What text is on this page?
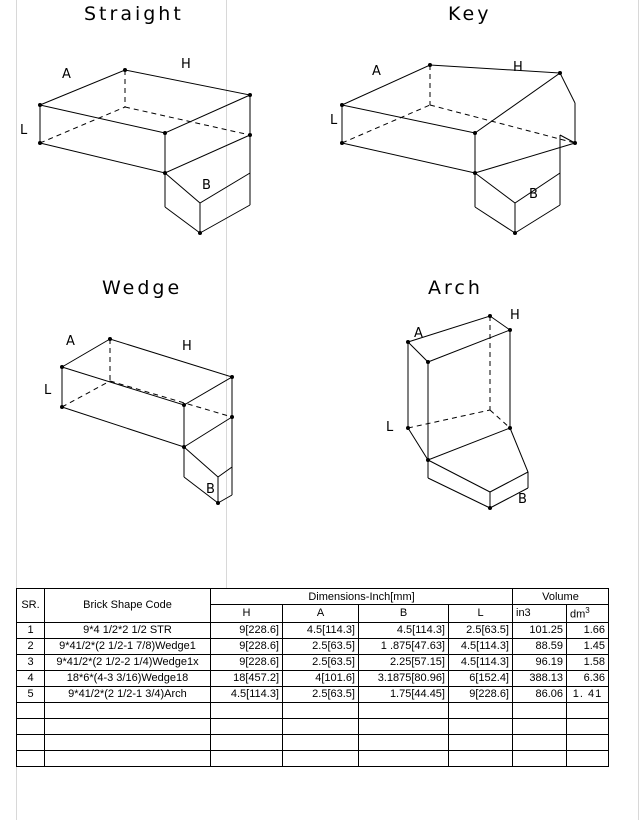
Straight
A
H
L
B
Key
A	H
L
B
Wedge
A	H
L
B
Arch
A
H
L
B
SR.	Brick Shape Code	Dimensions-Inch[mm]				Volume	
		H	A	B	L	in3	$dm^3$
1	9*4 1/2*2 1/2 STR	9[228.6]	4.5[114.3]	4.5[114.3]	2.5[63.5]	101.25	1.66
2	9*41/2*(2 1/2-1 7/8)Wedge1	9[228.6]	2.5[63.5]	1 .875[47.63]	4.5[114.3]	88.59	1.45
3	9*41/2*(2 1/2-2 1/4)Wedge1x	9[228.6]	2.5[63.5]	2.25[57.15]	4.5[114.3]	96.19	1.58
4	18*6*(4-3 3/16)Wedge18	18[457.2]	4[101.6]	3.1875[80.96]	6[152.4]	388.13	6.36
5	9*41/2*(2 1/2-1 3/4)Arch	4.5[114.3]	2.5[63.5]	1.75[44.45]	9[228.6]	86.06	1. 41
